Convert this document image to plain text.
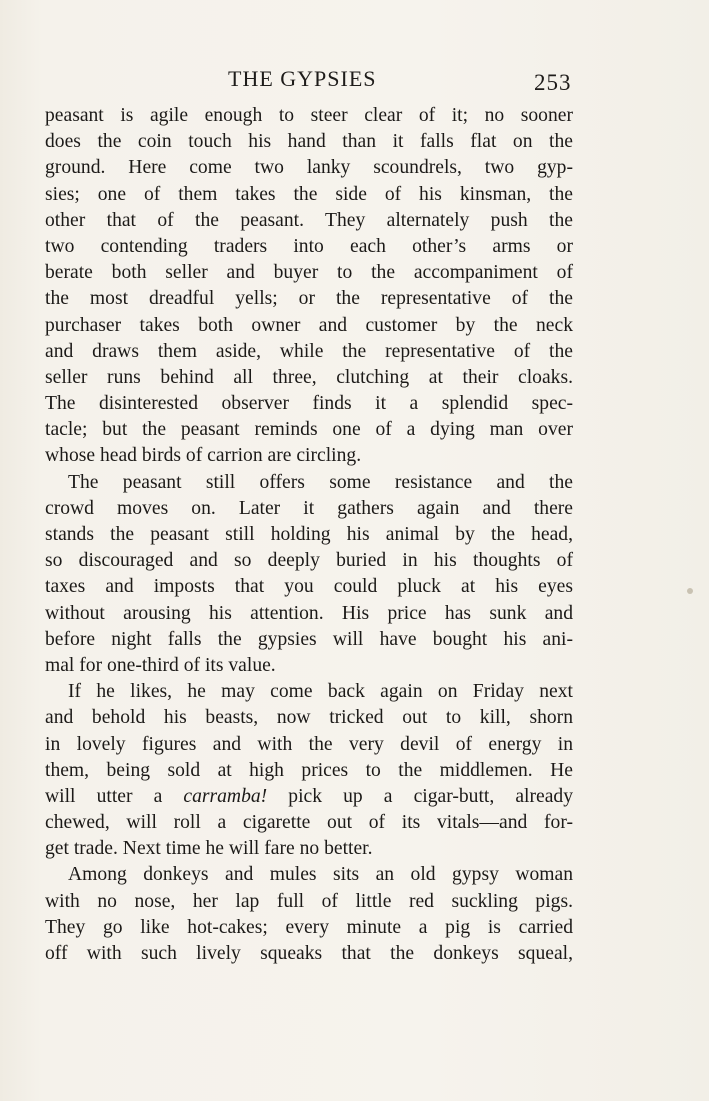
THE GYPSIES	253
peasant is agile enough to steer clear of it; no sooner
does the coin touch his hand than it falls flat on the
ground. Here come two lanky scoundrels, two gyp-
sies; one of them takes the side of his kinsman, the
other that of the peasant. They alternately push the
two contending traders into each other’s arms or
berate both seller and buyer to the accompaniment of
the most dreadful yells; or the representative of the
purchaser takes both owner and customer by the neck
and draws them aside, while the representative of the
seller runs behind all three, clutching at their cloaks.
The disinterested observer finds it a splendid spec-
tacle; but the peasant reminds one of a dying man over
whose head birds of carrion are circling.
The peasant still offers some resistance and the
crowd moves on. Later it gathers again and there
stands the peasant still holding his animal by the head,
so discouraged and so deeply buried in his thoughts of
taxes and imposts that you could pluck at his eyes
without arousing his attention. His price has sunk and
before night falls the gypsies will have bought his ani-
mal for one-third of its value.
If he likes, he may come back again on Friday next
and behold his beasts, now tricked out to kill, shorn
in lovely figures and with the very devil of energy in
them, being sold at high prices to the middlemen. He
will utter a carramba! pick up a cigar-butt, already
chewed, will roll a cigarette out of its vitals—and for-
get trade. Next time he will fare no better.
Among donkeys and mules sits an old gypsy woman
with no nose, her lap full of little red suckling pigs.
They go like hot-cakes; every minute a pig is carried
off with such lively squeaks that the donkeys squeal,
